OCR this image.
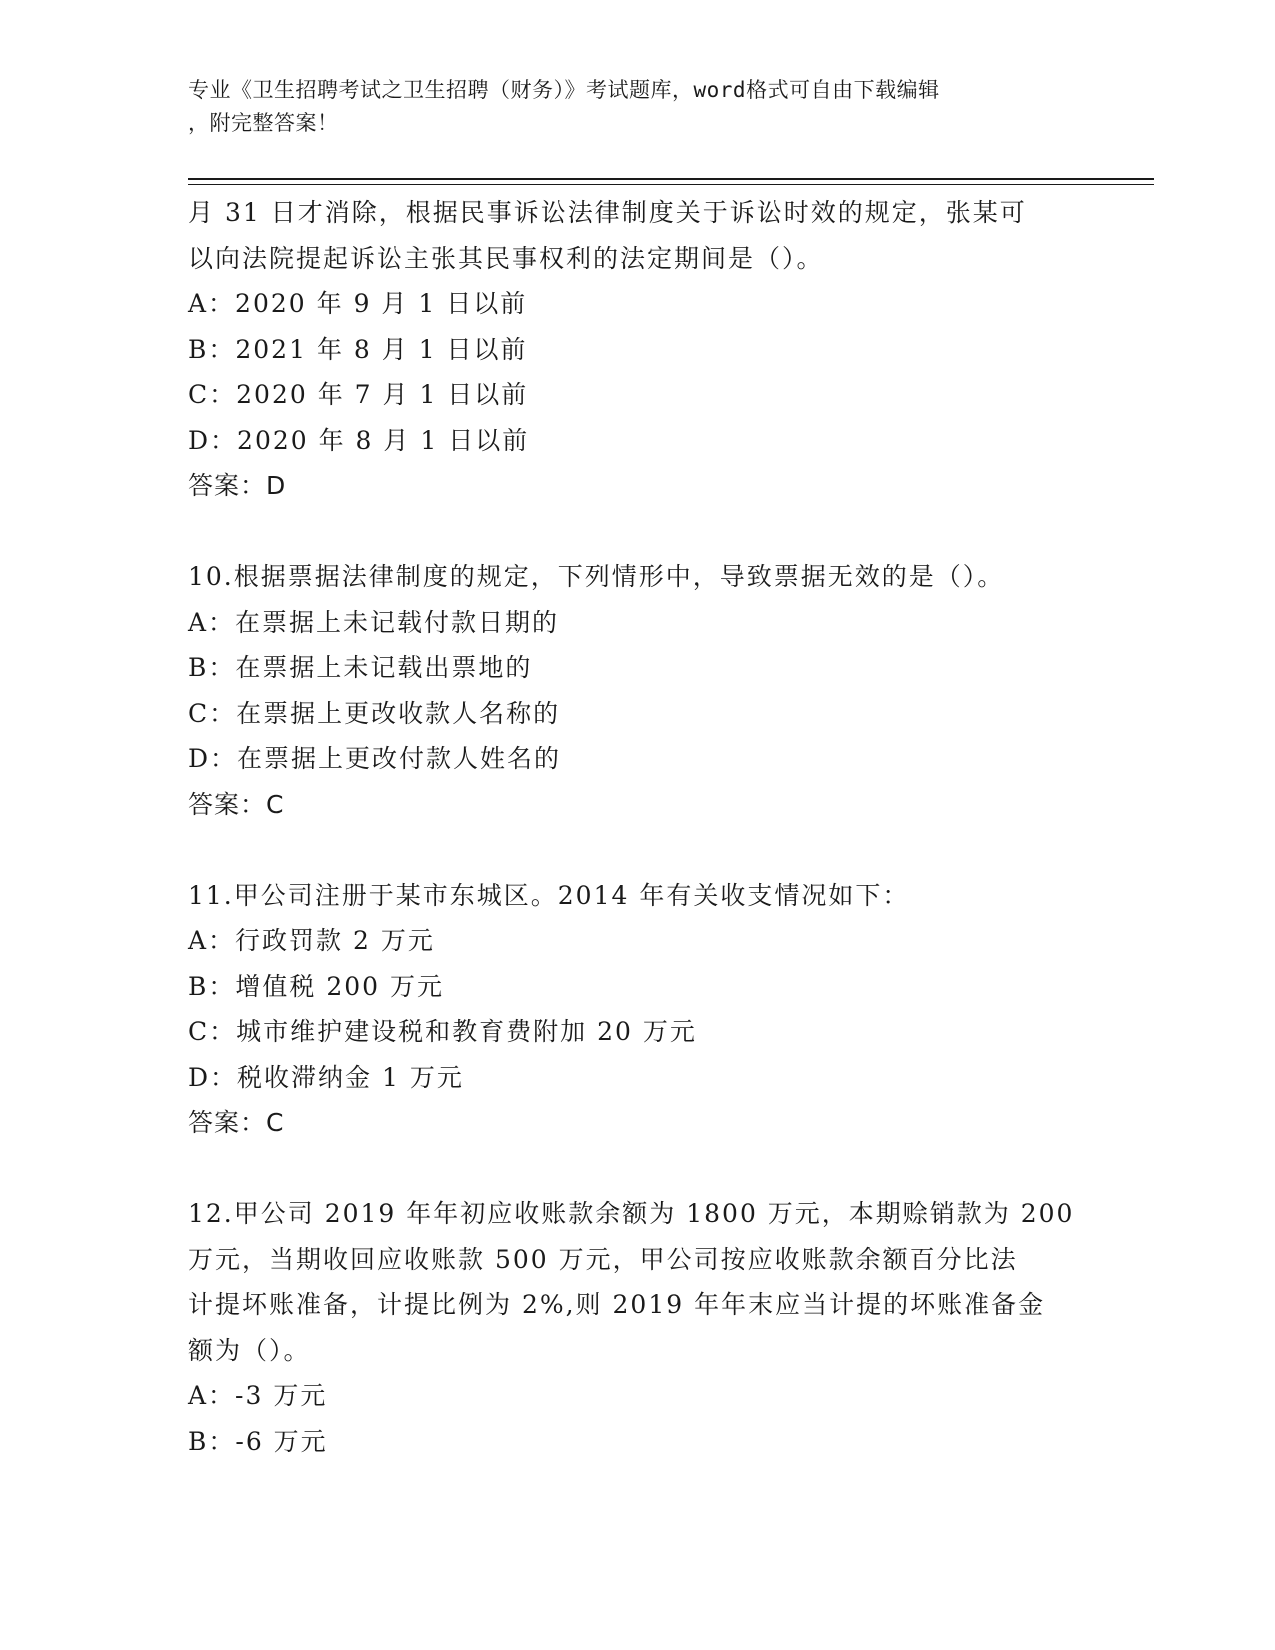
专业《卫生招聘考试之卫生招聘（财务）》考试题库，word格式可自由下载编辑
，附完整答案！
月 31 日才消除，根据民事诉讼法律制度关于诉讼时效的规定，张某可
以向法院提起诉讼主张其民事权利的法定期间是（）。
A：2020 年 9 月 1 日以前
B：2021 年 8 月 1 日以前
C：2020 年 7 月 1 日以前
D：2020 年 8 月 1 日以前
答案：D
10.根据票据法律制度的规定，下列情形中，导致票据无效的是（）。
A：在票据上未记载付款日期的
B：在票据上未记载出票地的
C：在票据上更改收款人名称的
D：在票据上更改付款人姓名的
答案：C
11.甲公司注册于某市东城区。2014 年有关收支情况如下：
A：行政罚款 2 万元
B：增值税 200 万元
C：城市维护建设税和教育费附加 20 万元
D：税收滞纳金 1 万元
答案：C
12.甲公司 2019 年年初应收账款余额为 1800 万元，本期赊销款为 200
万元，当期收回应收账款 500 万元，甲公司按应收账款余额百分比法
计提坏账准备，计提比例为 2%,则 2019 年年末应当计提的坏账准备金
额为（）。
A：-3 万元
B：-6 万元
